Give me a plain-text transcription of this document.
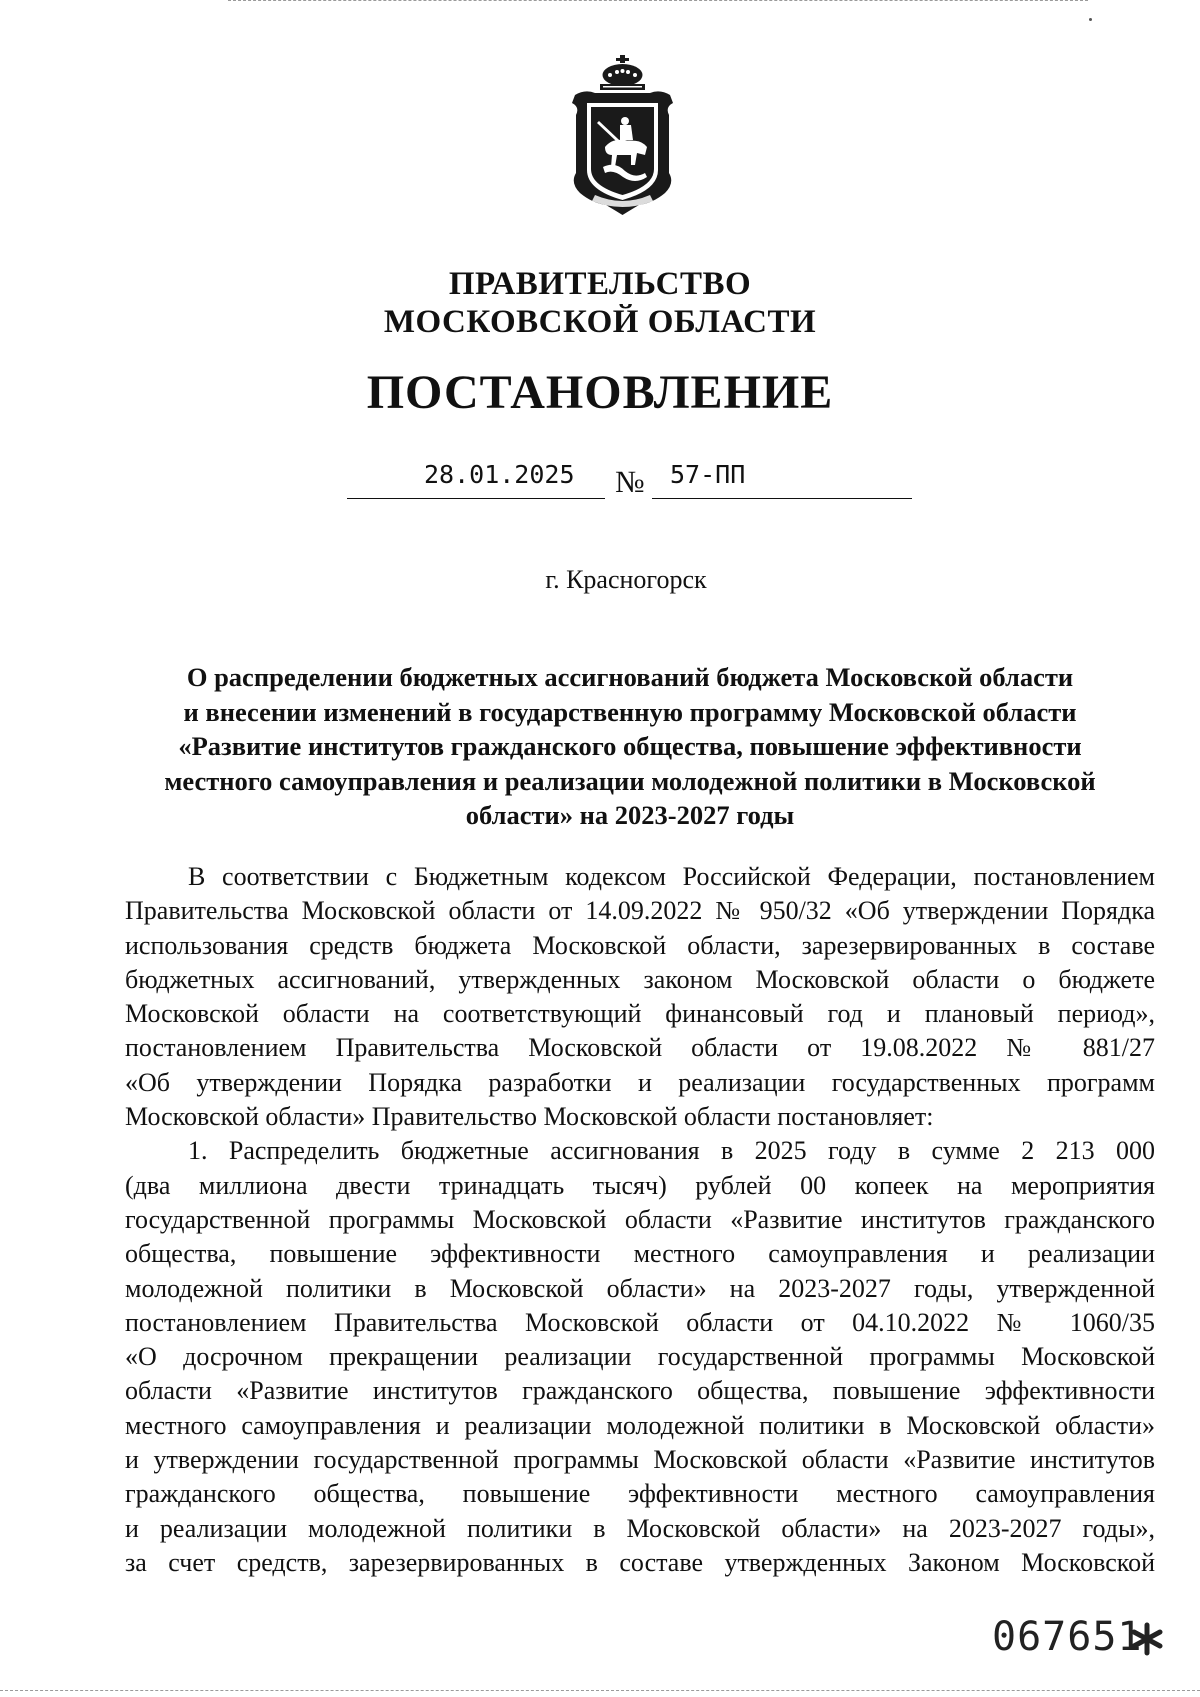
ПРАВИТЕЛЬСТВО
МОСКОВСКОЙ ОБЛАСТИ
ПОСТАНОВЛЕНИЕ
28.01.2025 № 57-ПП
г. Красногорск
О распределении бюджетных ассигнований бюджета Московской области
и внесении изменений в государственную программу Московской области
«Развитие институтов гражданского общества, повышение эффективности
местного самоуправления и реализации молодежной политики в Московской
области» на 2023-2027 годы
В соответствии с Бюджетным кодексом Российской Федерации, постановлением
Правительства Московской области от 14.09.2022 № 950/32 «Об утверждении Порядка
использования средств бюджета Московской области, зарезервированных в составе
бюджетных ассигнований, утвержденных законом Московской области о бюджете
Московской области на соответствующий финансовый год и плановый период»,
постановлением Правительства Московской области от 19.08.2022 № 881/27
«Об утверждении Порядка разработки и реализации государственных программ
Московской области» Правительство Московской области постановляет:
1. Распределить бюджетные ассигнования в 2025 году в сумме 2 213 000
(два миллиона двести тринадцать тысяч) рублей 00 копеек на мероприятия
государственной программы Московской области «Развитие институтов гражданского
общества, повышение эффективности местного самоуправления и реализации
молодежной политики в Московской области» на 2023-2027 годы, утвержденной
постановлением Правительства Московской области от 04.10.2022 № 1060/35
«О досрочном прекращении реализации государственной программы Московской
области «Развитие институтов гражданского общества, повышение эффективности
местного самоуправления и реализации молодежной политики в Московской области»
и утверждении государственной программы Московской области «Развитие институтов
гражданского общества, повышение эффективности местного самоуправления
и реализации молодежной политики в Московской области» на 2023-2027 годы»,
за счет средств, зарезервированных в составе утвержденных Законом Московской
067651
